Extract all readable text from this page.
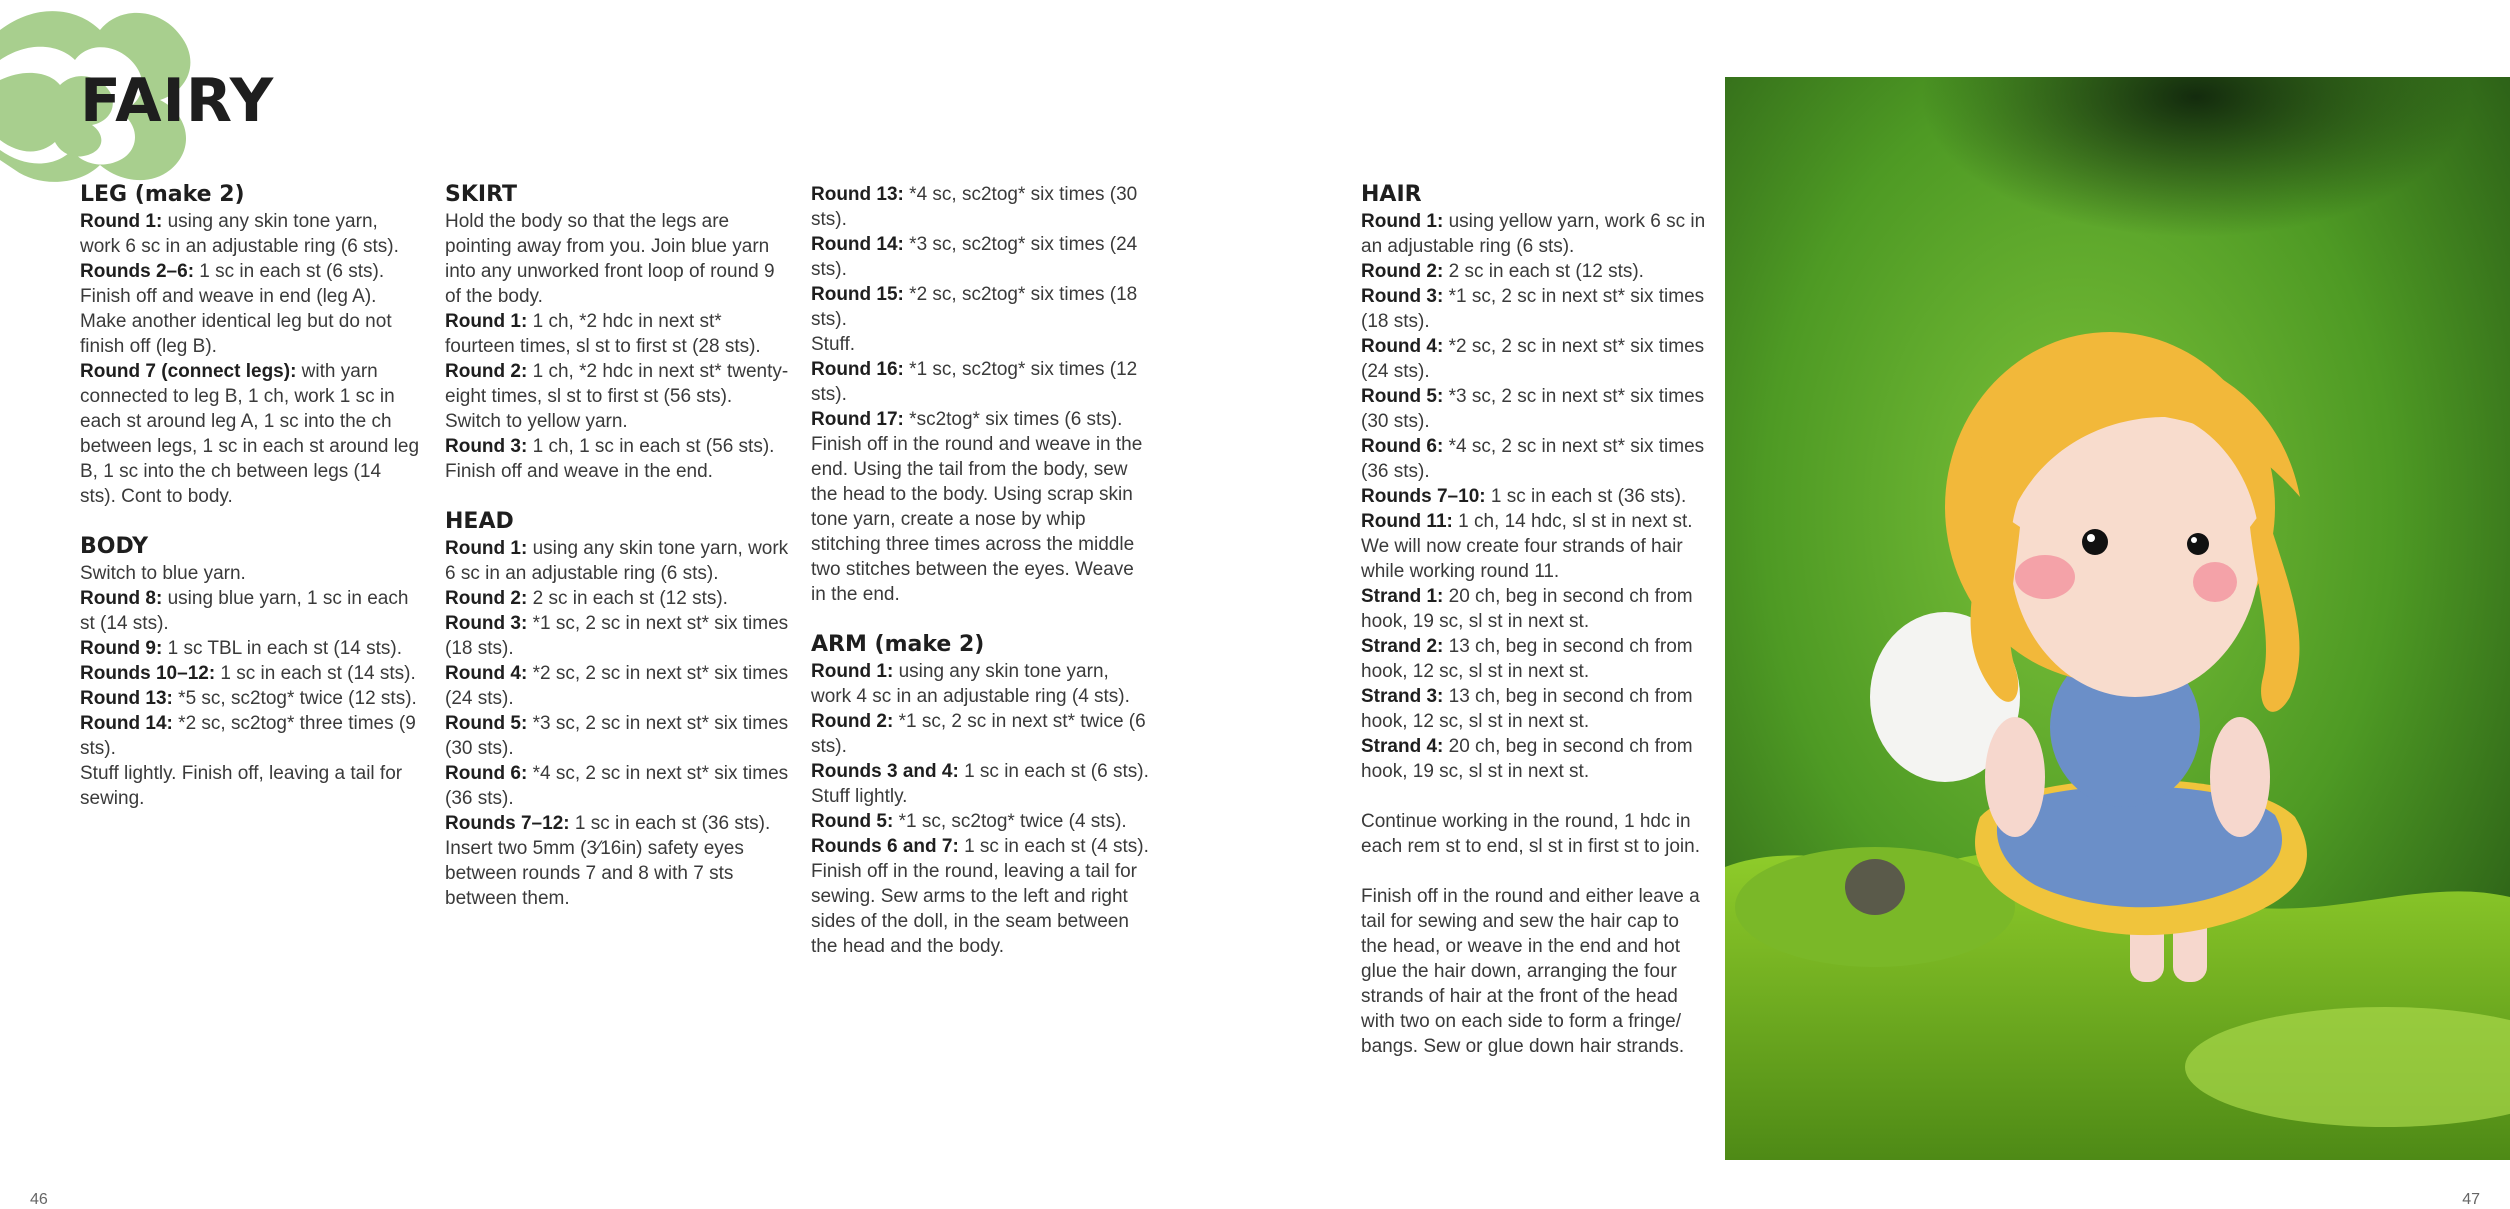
FAIRY
LEG (make 2)
Round 1: using any skin tone yarn, work 6 sc in an adjustable ring (6 sts).
Rounds 2–6: 1 sc in each st (6 sts). Finish off and weave in end (leg A). Make another identical leg but do not finish off (leg B).
Round 7 (connect legs): with yarn connected to leg B, 1 ch, work 1 sc in each st around leg A, 1 sc into the ch between legs, 1 sc in each st around leg B, 1 sc into the ch between legs (14 sts). Cont to body.
BODY
Switch to blue yarn.
Round 8: using blue yarn, 1 sc in each st (14 sts).
Round 9: 1 sc TBL in each st (14 sts).
Rounds 10–12: 1 sc in each st (14 sts).
Round 13: *5 sc, sc2tog* twice (12 sts).
Round 14: *2 sc, sc2tog* three times (9 sts).
Stuff lightly. Finish off, leaving a tail for sewing.
SKIRT
Hold the body so that the legs are pointing away from you. Join blue yarn into any unworked front loop of round 9 of the body.
Round 1: 1 ch, *2 hdc in next st* fourteen times, sl st to first st (28 sts).
Round 2: 1 ch, *2 hdc in next st* twenty-eight times, sl st to first st (56 sts).
Switch to yellow yarn.
Round 3: 1 ch, 1 sc in each st (56 sts). Finish off and weave in the end.
HEAD
Round 1: using any skin tone yarn, work 6 sc in an adjustable ring (6 sts).
Round 2: 2 sc in each st (12 sts).
Round 3: *1 sc, 2 sc in next st* six times (18 sts).
Round 4: *2 sc, 2 sc in next st* six times (24 sts).
Round 5: *3 sc, 2 sc in next st* six times (30 sts).
Round 6: *4 sc, 2 sc in next st* six times (36 sts).
Rounds 7–12: 1 sc in each st (36 sts).
Insert two 5mm (3⁄16in) safety eyes between rounds 7 and 8 with 7 sts between them.
Round 13: *4 sc, sc2tog* six times (30 sts).
Round 14: *3 sc, sc2tog* six times (24 sts).
Round 15: *2 sc, sc2tog* six times (18 sts).
Stuff.
Round 16: *1 sc, sc2tog* six times (12 sts).
Round 17: *sc2tog* six times (6 sts). Finish off in the round and weave in the end. Using the tail from the body, sew the head to the body. Using scrap skin tone yarn, create a nose by whip stitching three times across the middle two stitches between the eyes. Weave in the end.
ARM (make 2)
Round 1: using any skin tone yarn, work 4 sc in an adjustable ring (4 sts).
Round 2: *1 sc, 2 sc in next st* twice (6 sts).
Rounds 3 and 4: 1 sc in each st (6 sts). Stuff lightly.
Round 5: *1 sc, sc2tog* twice (4 sts).
Rounds 6 and 7: 1 sc in each st (4 sts). Finish off in the round, leaving a tail for sewing. Sew arms to the left and right sides of the doll, in the seam between the head and the body.
HAIR
Round 1: using yellow yarn, work 6 sc in an adjustable ring (6 sts).
Round 2: 2 sc in each st (12 sts).
Round 3: *1 sc, 2 sc in next st* six times (18 sts).
Round 4: *2 sc, 2 sc in next st* six times (24 sts).
Round 5: *3 sc, 2 sc in next st* six times (30 sts).
Round 6: *4 sc, 2 sc in next st* six times (36 sts).
Rounds 7–10: 1 sc in each st (36 sts).
Round 11: 1 ch, 14 hdc, sl st in next st. We will now create four strands of hair while working round 11.
Strand 1: 20 ch, beg in second ch from hook, 19 sc, sl st in next st.
Strand 2: 13 ch, beg in second ch from hook, 12 sc, sl st in next st.
Strand 3: 13 ch, beg in second ch from hook, 12 sc, sl st in next st.
Strand 4: 20 ch, beg in second ch from hook, 19 sc, sl st in next st.
Continue working in the round, 1 hdc in each rem st to end, sl st in first st to join.
Finish off in the round and either leave a tail for sewing and sew the hair cap to the head, or weave in the end and hot glue the hair down, arranging the four strands of hair at the front of the head with two on each side to form a fringe/ bangs. Sew or glue down hair strands.
46	47
